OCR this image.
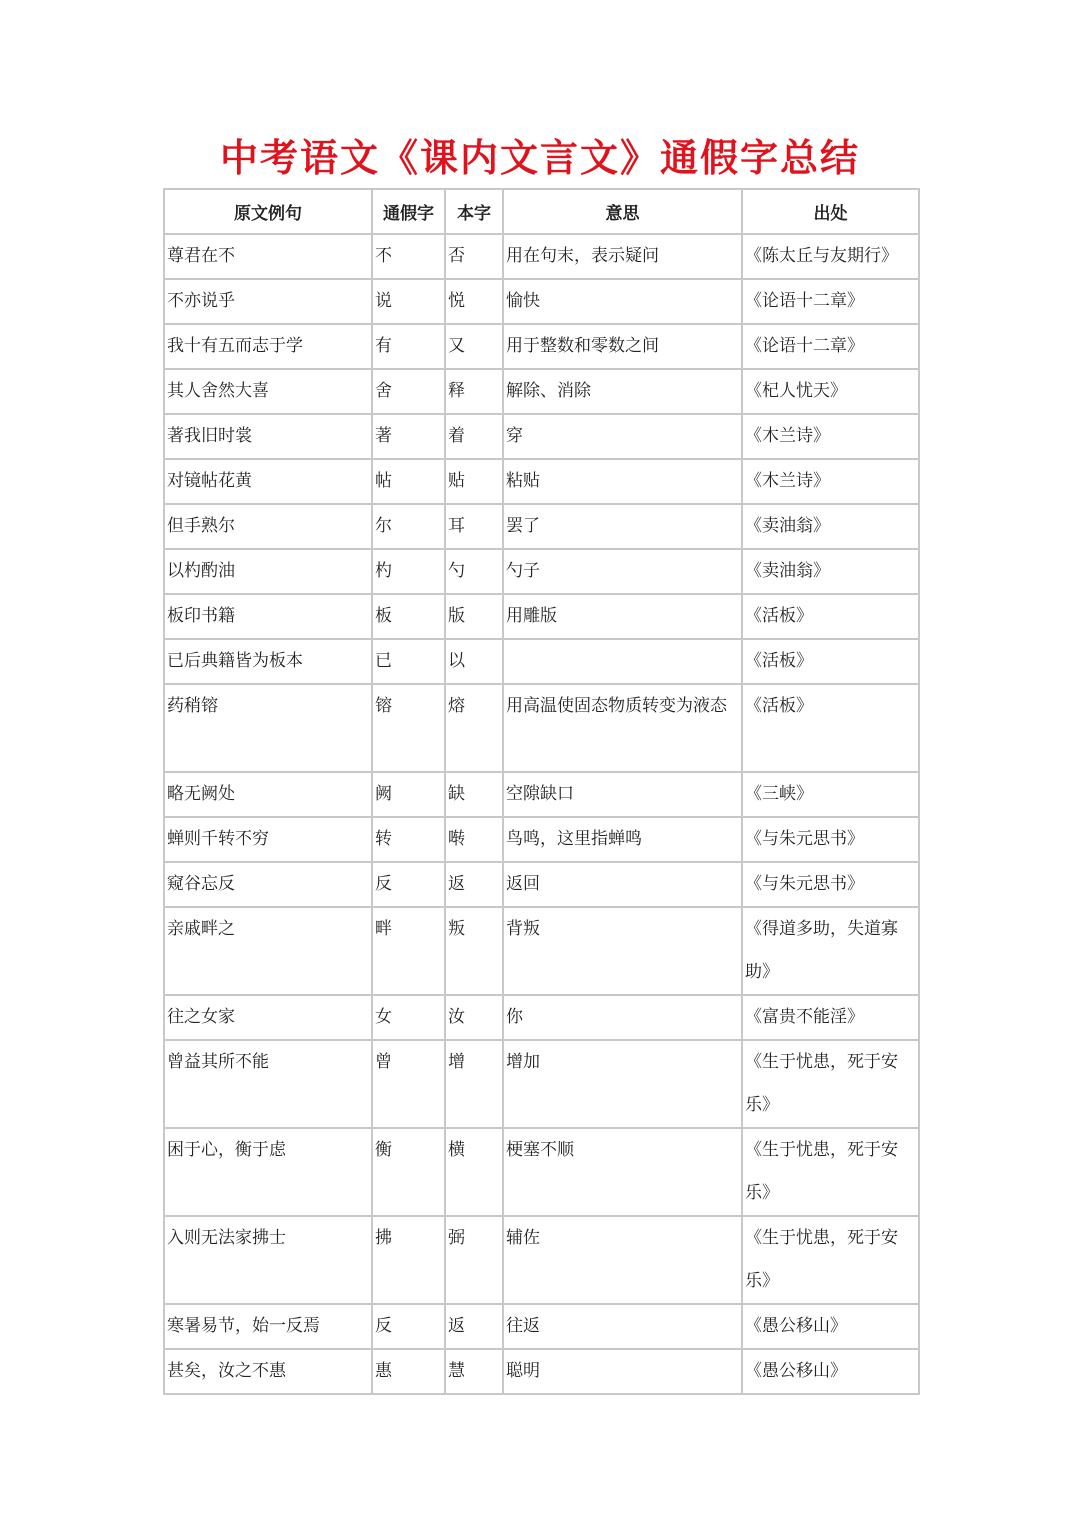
中考语文《课内文言文》通假字总结
原文例句	通假字	本字	意思	出处
尊君在不	不	否	用在句末，表示疑问	《陈太丘与友期行》
不亦说乎	说	悦	愉快	《论语十二章》
我十有五而志于学	有	又	用于整数和零数之间	《论语十二章》
其人舍然大喜	舍	释	解除、消除	《杞人忧天》
著我旧时裳	著	着	穿	《木兰诗》
对镜帖花黄	帖	贴	粘贴	《木兰诗》
但手熟尔	尔	耳	罢了	《卖油翁》
以杓酌油	杓	勺	勺子	《卖油翁》
板印书籍	板	版	用雕版	《活板》
已后典籍皆为板本	已	以		《活板》

药稍镕	镕	熔	用高温使固态物质转变为液态	《活板》

略无阙处	阙	缺	空隙缺口	《三峡》
蝉则千转不穷	转	啭	鸟鸣，这里指蝉鸣	《与朱元思书》
窥谷忘反	反	返	返回	《与朱元思书》

亲戚畔之	畔	叛	背叛	《得道多助，失道寡助》

往之女家	女	汝	你	《富贵不能淫》

曾益其所不能	曾	增	增加	《生于忧患，死于安乐》

困于心，衡于虑	衡	横	梗塞不顺	《生于忧患，死于安乐》

入则无法家拂士	拂	弼	辅佐	《生于忧患，死于安乐》

寒暑易节，始一反焉	反	返	往返	《愚公移山》
甚矣，汝之不惠	惠	慧	聪明	《愚公移山》
